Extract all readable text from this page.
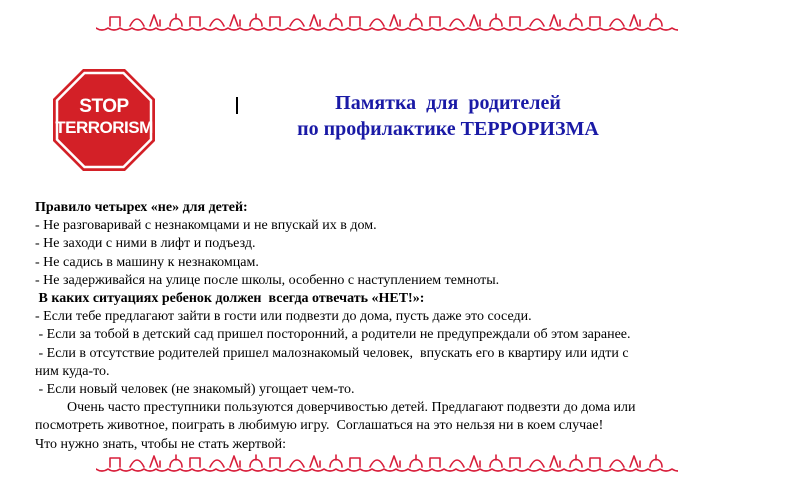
STOP
TERRORISM
Памятка  для  родителей
по профилактике ТЕРРОРИЗМА
Правило четырех «не» для детей:
- Не разговаривай с незнакомцами и не впускай их в дом.
- Не заходи с ними в лифт и подъезд.
- Не садись в машину к незнакомцам.
- Не задерживайся на улице после школы, особенно с наступлением темноты.
В каких ситуациях ребенок должен  всегда отвечать «НЕТ!»:
- Если тебе предлагают зайти в гости или подвезти до дома, пусть даже это соседи.
- Если за тобой в детский сад пришел посторонний, а родители не предупреждали об этом заранее.
- Если в отсутствие родителей пришел малознакомый человек,  впускать его в квартиру или идти с
ним куда-то.
- Если новый человек (не знакомый) угощает чем-то.
Очень часто преступники пользуются доверчивостью детей. Предлагают подвезти до дома или
посмотреть животное, поиграть в любимую игру.  Соглашаться на это нельзя ни в коем случае!
Что нужно знать, чтобы не стать жертвой:
